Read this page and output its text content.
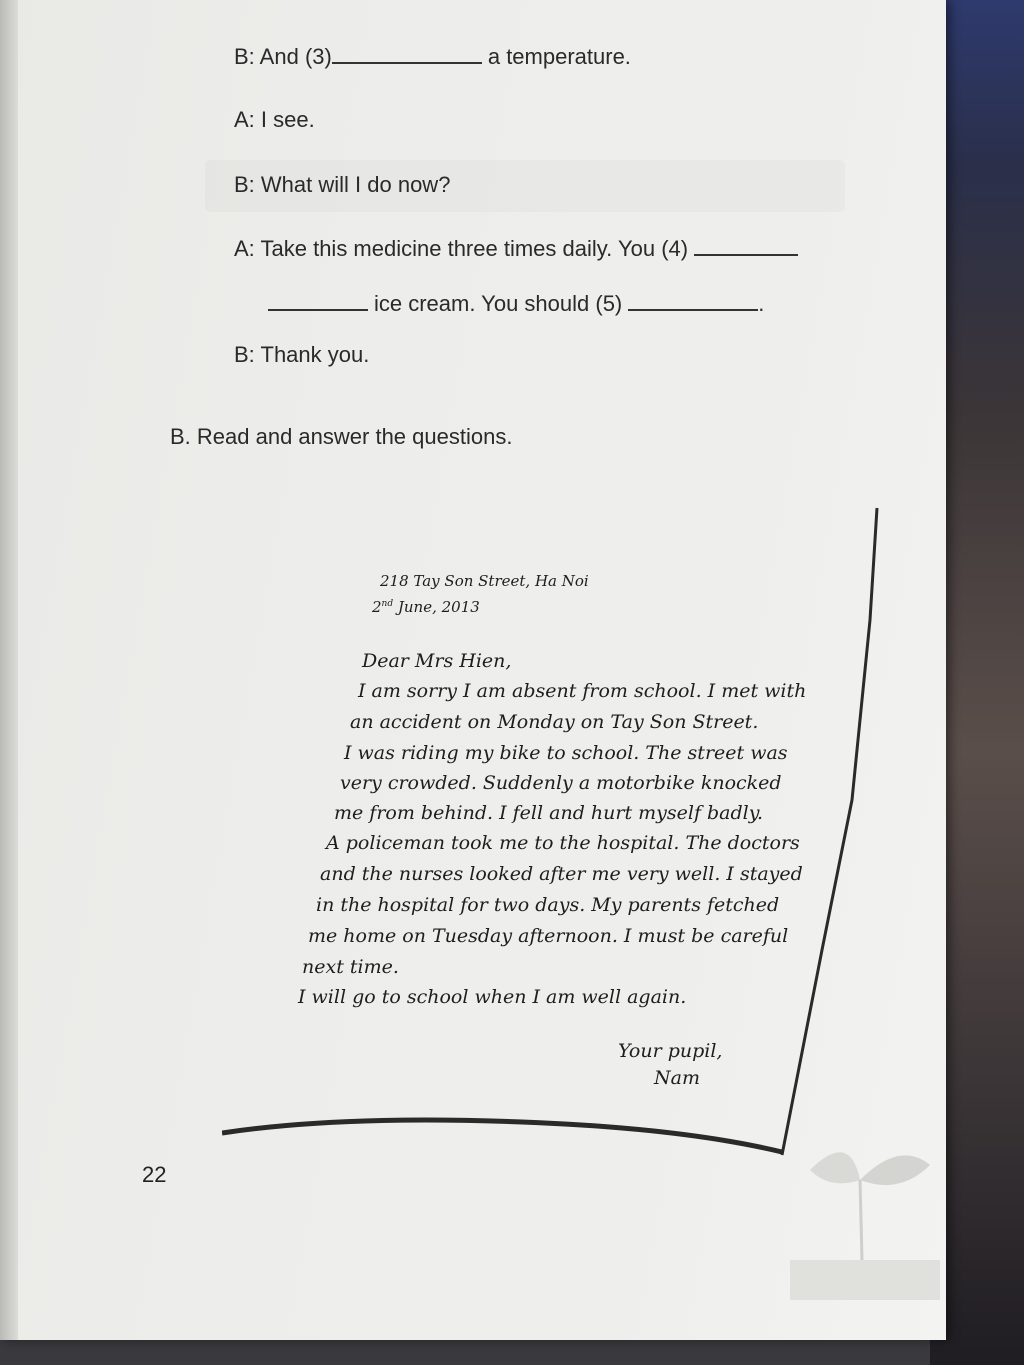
B: And (3)	a temperature.
A: I see.
B: What will I do now?
A: Take this medicine three times daily. You (4)
ice cream. You should (5)	.
B: Thank you.
B. Read and answer the questions.
218 Tay Son Street, Ha Noi
2nd June, 2013
Dear Mrs Hien,
I am sorry I am absent from school. I met with
an accident on Monday on Tay Son Street.
I was riding my bike to school. The street was
very crowded. Suddenly a motorbike knocked
me from behind. I fell and hurt myself badly.
A policeman took me to the hospital. The doctors
and the nurses looked after me very well. I stayed
in the hospital for two days. My parents fetched
me home on Tuesday afternoon. I must be careful
next time.
I will go to school when I am well again.
Your pupil,
Nam
22
